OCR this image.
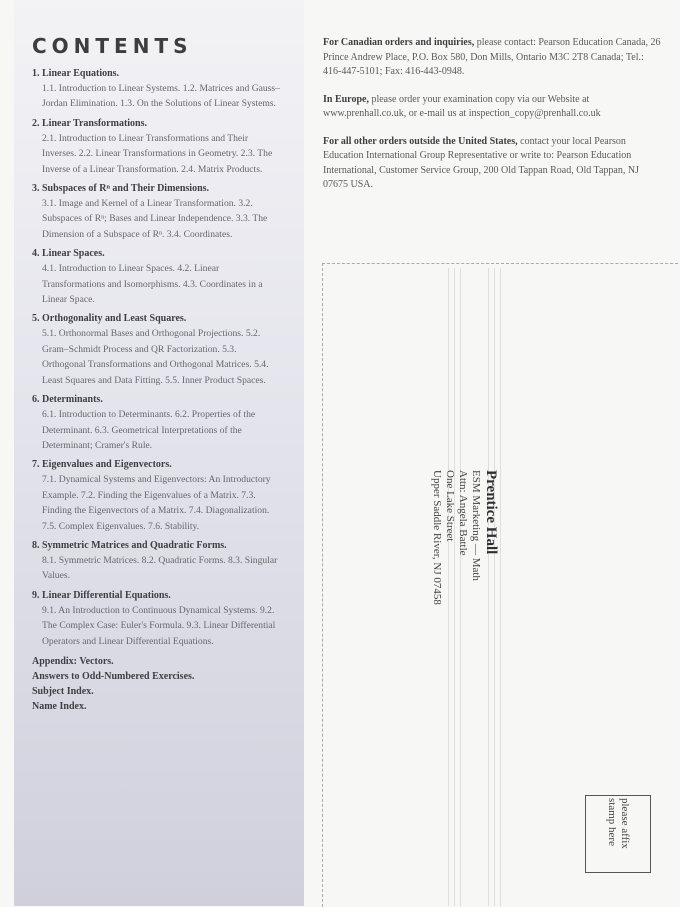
CONTENTS
1. Linear Equations.
1.1. Introduction to Linear Systems. 1.2. Matrices and Gauss–Jordan Elimination. 1.3. On the Solutions of Linear Systems.
2. Linear Transformations.
2.1. Introduction to Linear Transformations and Their Inverses. 2.2. Linear Transformations in Geometry. 2.3. The Inverse of a Linear Transformation. 2.4. Matrix Products.
3. Subspaces of Rⁿ and Their Dimensions.
3.1. Image and Kernel of a Linear Transformation. 3.2. Subspaces of Rⁿ; Bases and Linear Independence. 3.3. The Dimension of a Subspace of Rⁿ. 3.4. Coordinates.
4. Linear Spaces.
4.1. Introduction to Linear Spaces. 4.2. Linear Transformations and Isomorphisms. 4.3. Coordinates in a Linear Space.
5. Orthogonality and Least Squares.
5.1. Orthonormal Bases and Orthogonal Projections. 5.2. Gram–Schmidt Process and QR Factorization. 5.3. Orthogonal Transformations and Orthogonal Matrices. 5.4. Least Squares and Data Fitting. 5.5. Inner Product Spaces.
6. Determinants.
6.1. Introduction to Determinants. 6.2. Properties of the Determinant. 6.3. Geometrical Interpretations of the Determinant; Cramer's Rule.
7. Eigenvalues and Eigenvectors.
7.1. Dynamical Systems and Eigenvectors: An Introductory Example. 7.2. Finding the Eigenvalues of a Matrix. 7.3. Finding the Eigenvectors of a Matrix. 7.4. Diagonalization. 7.5. Complex Eigenvalues. 7.6. Stability.
8. Symmetric Matrices and Quadratic Forms.
8.1. Symmetric Matrices. 8.2. Quadratic Forms. 8.3. Singular Values.
9. Linear Differential Equations.
9.1. An Introduction to Continuous Dynamical Systems. 9.2. The Complex Case: Euler's Formula. 9.3. Linear Differential Operators and Linear Differential Equations.
Appendix: Vectors.
Answers to Odd-Numbered Exercises.
Subject Index.
Name Index.

For Canadian orders and inquiries, please contact: Pearson Education Canada, 26 Prince Andrew Place, P.O. Box 580, Don Mills, Ontario M3C 2T8 Canada; Tel.: 416-447-5101; Fax: 416-443-0948.

In Europe, please order your examination copy via our Website at www.prenhall.co.uk, or e-mail us at inspection_copy@prenhall.co.uk

For all other orders outside the United States, contact your local Pearson Education International Group Representative or write to: Pearson Education International, Customer Service Group, 200 Old Tappan Road, Old Tappan, NJ 07675 USA.

Prentice Hall
ESM Marketing — Math
Attn: Angela Battle
One Lake Street
Upper Saddle River, NJ 07458
please affix
stamp here
